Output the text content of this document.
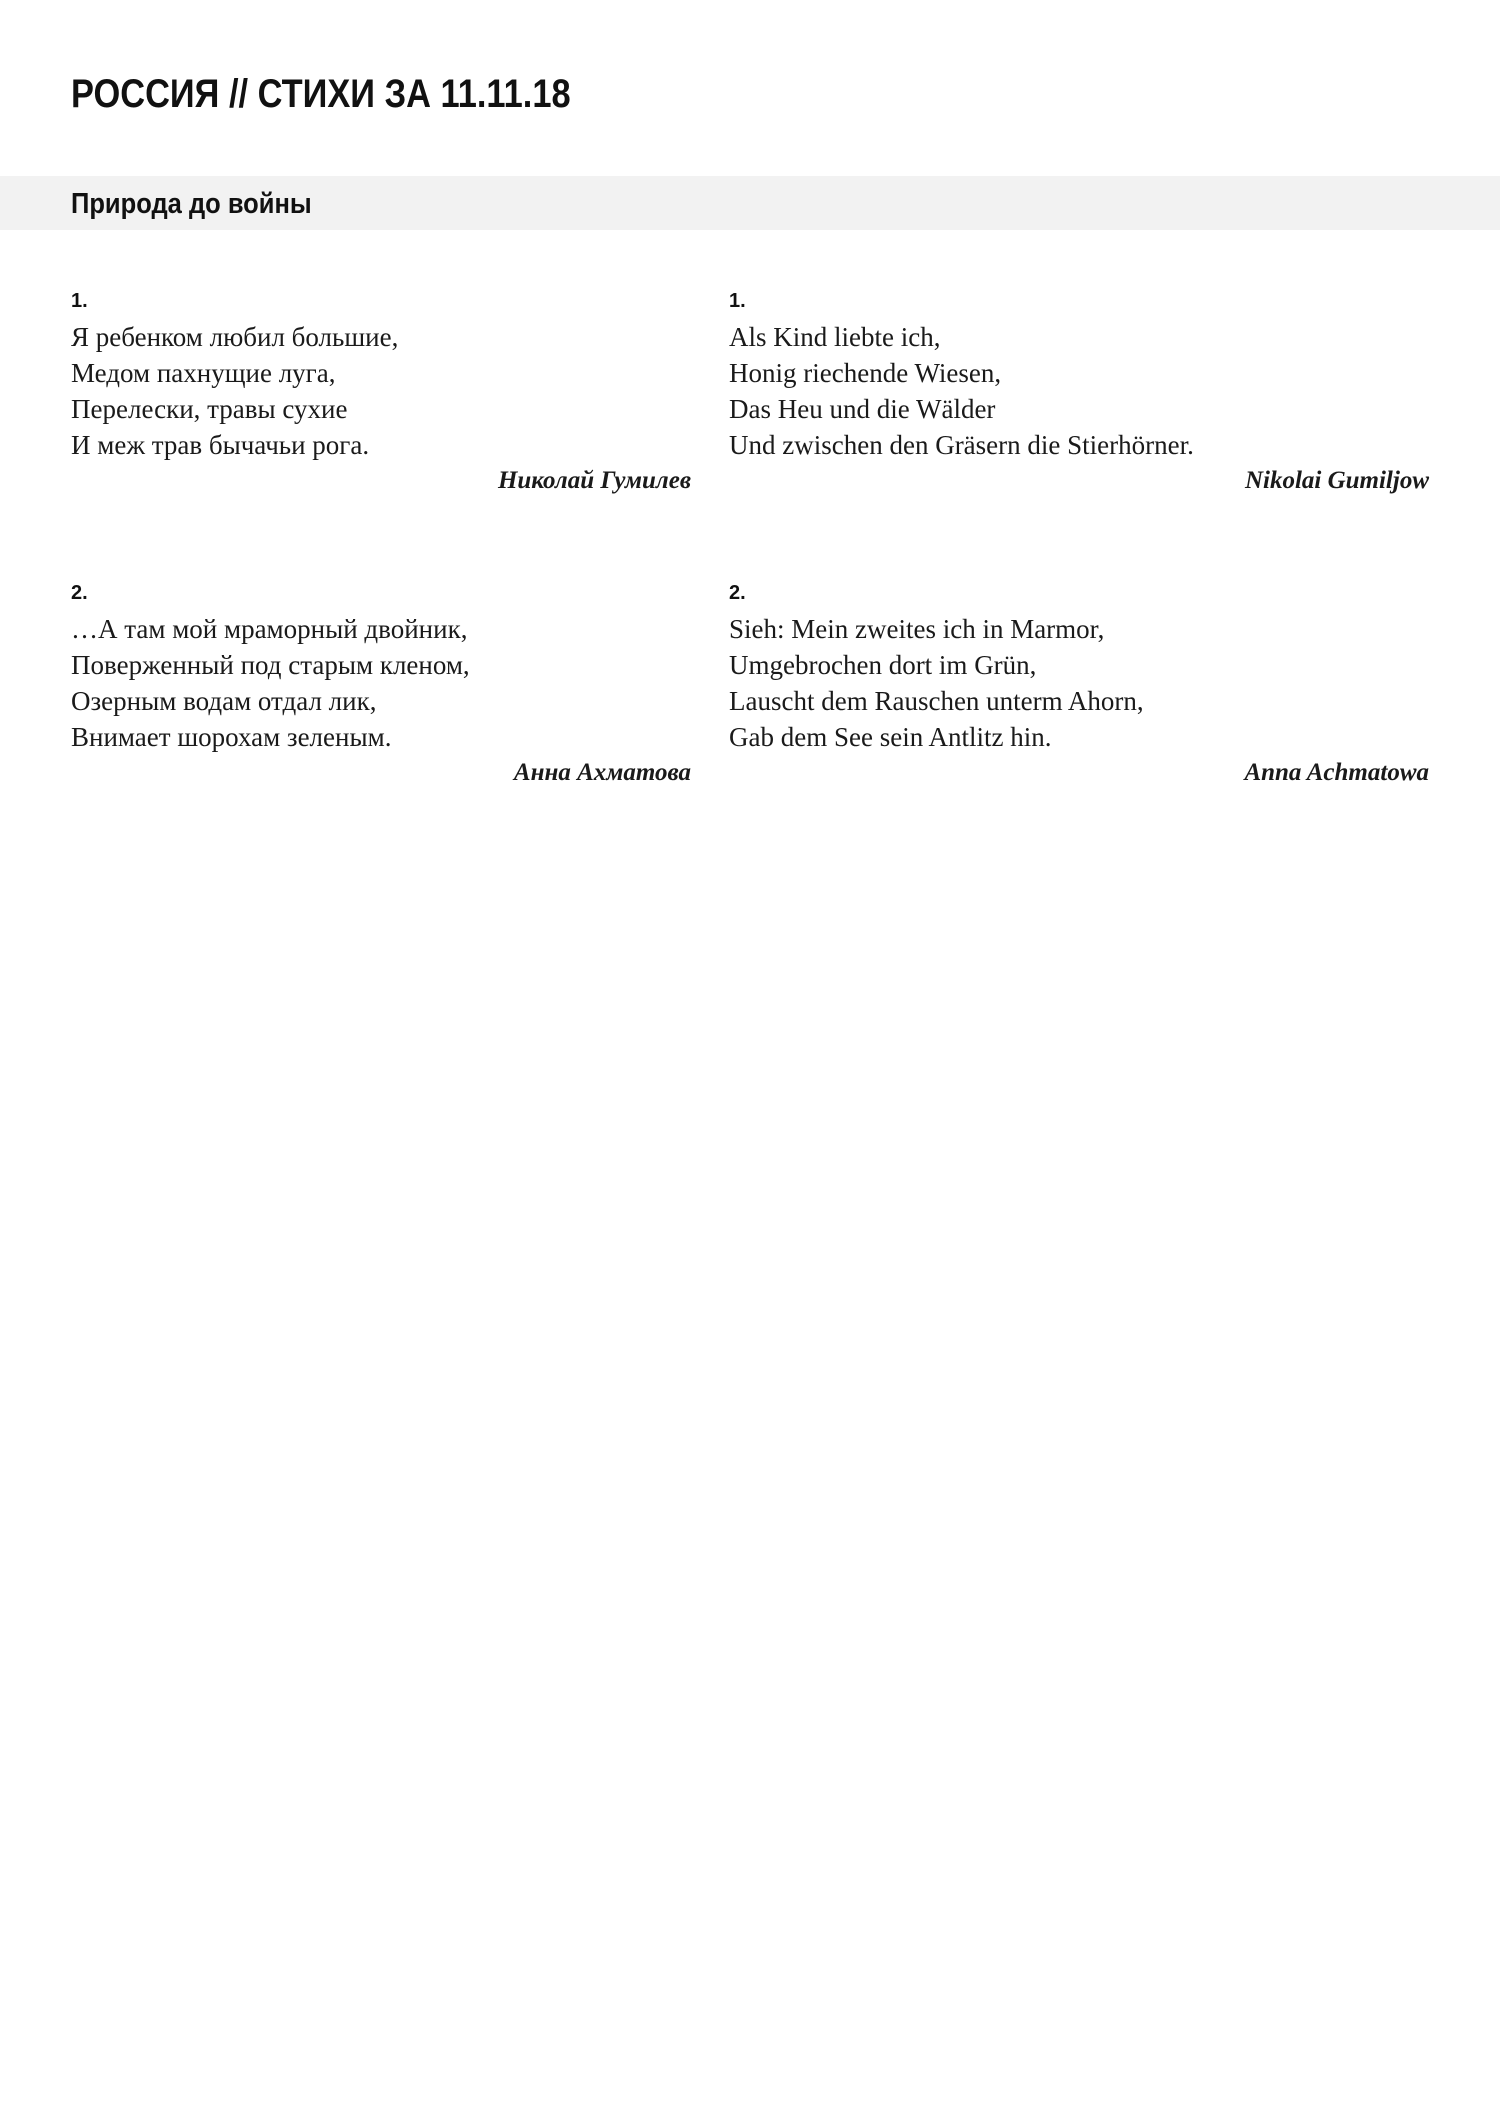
РОССИЯ // СТИХИ ЗА 11.11.18
Природа до войны
1.
Я ребенком любил большие,
Медом пахнущие луга,
Перелески, травы сухие
И меж трав бычачьи рога.
Николай Гумилев
1.
Als Kind liebte ich,
Honig riechende Wiesen,
Das Heu und die Wälder
Und zwischen den Gräsern die Stierhörner.
Nikolai Gumiljow
2.
…А там мой мраморный двойник,
Поверженный под старым кленом,
Озерным водам отдал лик,
Внимает шорохам зеленым.
Анна Ахматова
2.
Sieh: Mein zweites ich in Marmor,
Umgebrochen dort im Grün,
Lauscht dem Rauschen unterm Ahorn,
Gab dem See sein Antlitz hin.
Anna Achmatowa
